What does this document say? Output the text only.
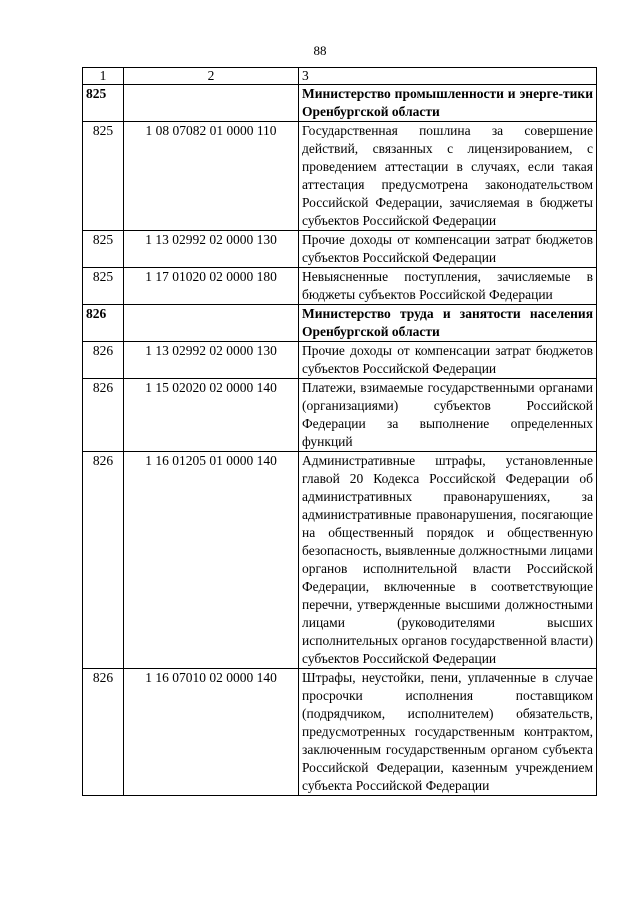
88
1	2	3
825		Министерство промышленности и энерге-тики Оренбургской области
825	1 08 07082 01 0000 110	Государственная пошлина за совершение действий, связанных с лицензированием, с проведением аттестации в случаях, если такая аттестация предусмотрена законодательством Российской Федерации, зачисляемая в бюджеты субъектов Российской Федерации
825	1 13 02992 02 0000 130	Прочие доходы от компенсации затрат бюджетов субъектов Российской Федерации
825	1 17 01020 02 0000 180	Невыясненные поступления, зачисляемые в бюджеты субъектов Российской Федерации
826		Министерство труда и занятости населения Оренбургской области
826	1 13 02992 02 0000 130	Прочие доходы от компенсации затрат бюджетов субъектов Российской Федерации
826	1 15 02020 02 0000 140	Платежи, взимаемые государственными органами (организациями) субъектов Российской Федерации за выполнение определенных функций
826	1 16 01205 01 0000 140	Административные штрафы, установленные главой 20 Кодекса Российской Федерации об административных правонарушениях, за административные правонарушения, посягающие на общественный порядок и общественную безопасность, выявленные должностными лицами органов исполнительной власти Российской Федерации, включенные в соответствующие перечни, утвержденные высшими должностными лицами (руководителями высших исполнительных органов государственной власти) субъектов Российской Федерации
826	1 16 07010 02 0000 140	Штрафы, неустойки, пени, уплаченные в случае просрочки исполнения поставщиком (подрядчиком, исполнителем) обязательств, предусмотренных государственным контрактом, заключенным государственным органом субъекта Российской Федерации, казенным учреждением субъекта Российской Федерации
